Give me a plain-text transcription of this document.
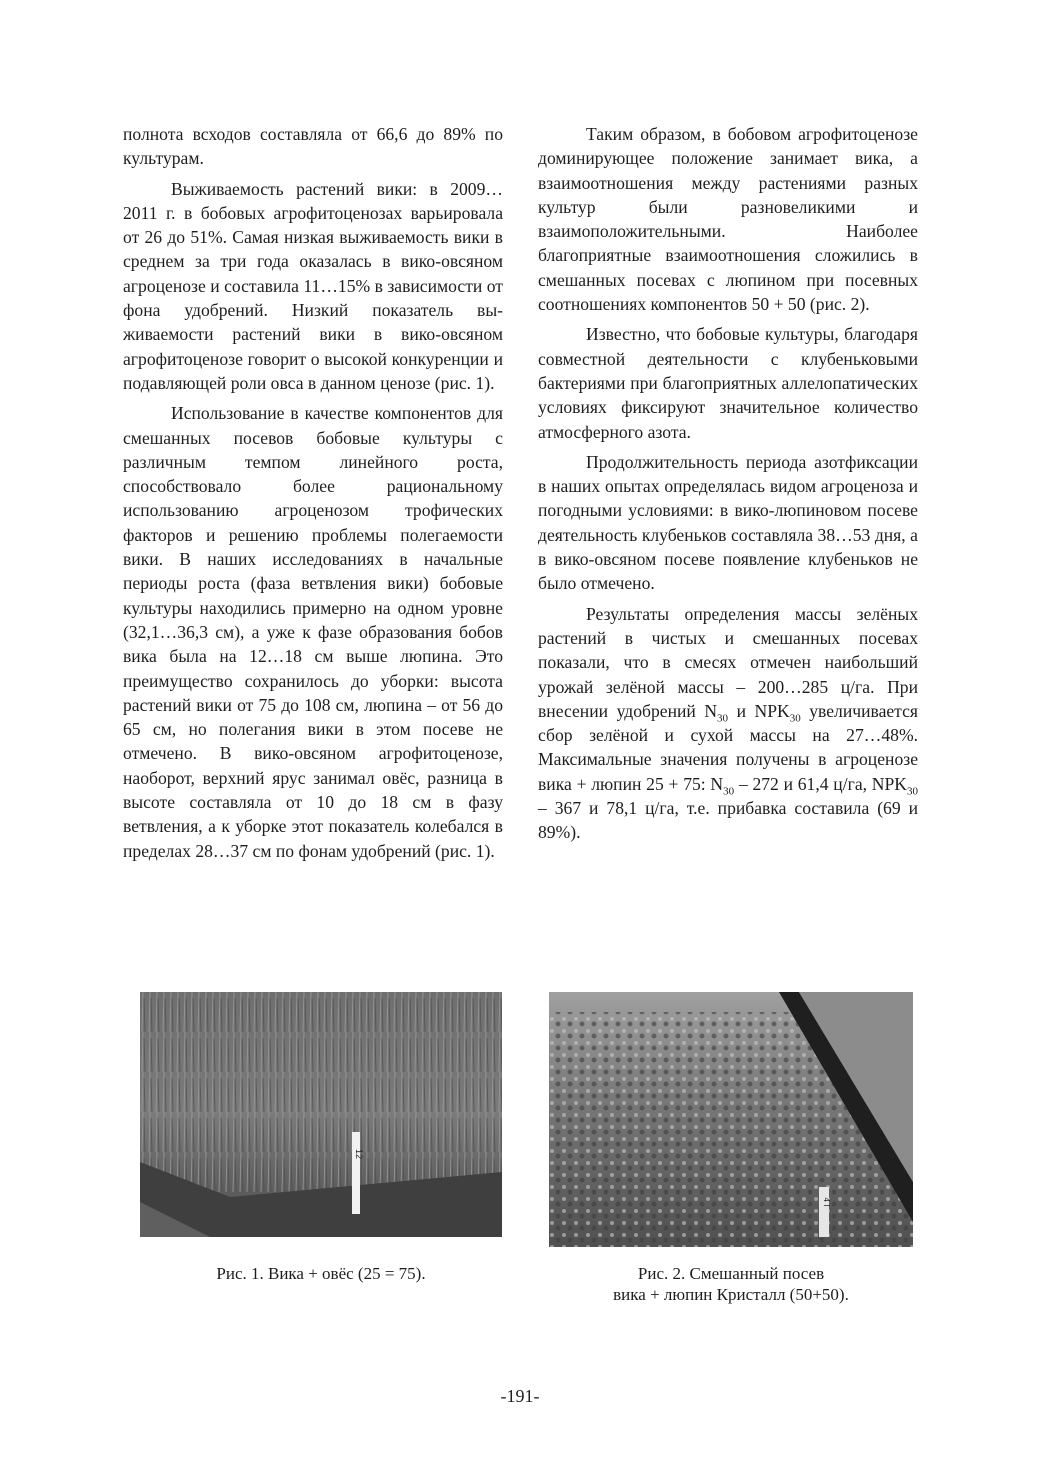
полнота всходов составляла от 66,6 до 89% по культурам.

Выживаемость растений вики: в 2009…2011 г. в бобовых агрофитоценозах варьировала от 26 до 51%. Самая низкая выживаемость вики в среднем за три года оказалась в вико-овсяном агроценозе и составила 11…15% в зависимости от фона удобрений. Низкий показатель выживаемости растений вики в вико-овсяном агрофитоценозе говорит о высокой конкуренции и подавляющей роли овса в данном ценозе (рис. 1).

Использование в качестве компонентов для смешанных посевов бобовые культуры с различным темпом линейного роста, способствовало более рациональному использованию агроценозом трофических факторов и решению проблемы полегаемости вики. В наших исследованиях в начальные периоды роста (фаза ветвления вики) бобовые культуры находились примерно на одном уровне (32,1…36,3 см), а уже к фазе образования бобов вика была на 12…18 см выше люпина. Это преимущество сохранилось до уборки: высота растений вики от 75 до 108 см, люпина – от 56 до 65 см, но полегания вики в этом посеве не отмечено. В вико-овсяном агрофитоценозе, наоборот, верхний ярус занимал овёс, разница в высоте составляла от 10 до 18 см в фазу ветвления, а к уборке этот показатель колебался в пределах 28…37 см по фонам удобрений (рис. 1).

Таким образом, в бобовом агрофитоценозе доминирующее положение занимает вика, а взаимоотношения между растениями разных культур были разновеликими и взаимоположительными. Наиболее благоприятные взаимоотношения сложились в смешанных посевах с люпином при посевных соотношениях компонентов 50 + 50 (рис. 2).

Известно, что бобовые культуры, благодаря совместной деятельности с клубеньковыми бактериями при благоприятных аллелопатических условиях фиксируют значительное количество атмосферного азота.

Продолжительность периода азотфиксации в наших опытах определялась видом агроценоза и погодными условиями: в вико-люпиновом посеве деятельность клубеньков составляла 38…53 дня, а в вико-овсяном посеве появление клубеньков не было отмечено.

Результаты определения массы зелёных растений в чистых и смешанных посевах показали, что в смесях отмечен наибольший урожай зелёной массы – 200…285 ц/га. При внесении удобрений $N_{30}$ и $NPK_{30}$ увеличивается сбор зелёной и сухой массы на 27…48%. Максимальные значения получены в агроценозе вика + люпин 25 + 75: $N_{30} - 272$ и 61,4 ц/га, $NPK_{30} - 367$ и 78,1 ц/га, т.е. прибавка составила (69 и 89%).

12
Рис. 1. Вика + овёс (25 = 75).
4 I
Рис. 2. Смешанный посев
вика + люпин Кристалл (50+50).
-191-
